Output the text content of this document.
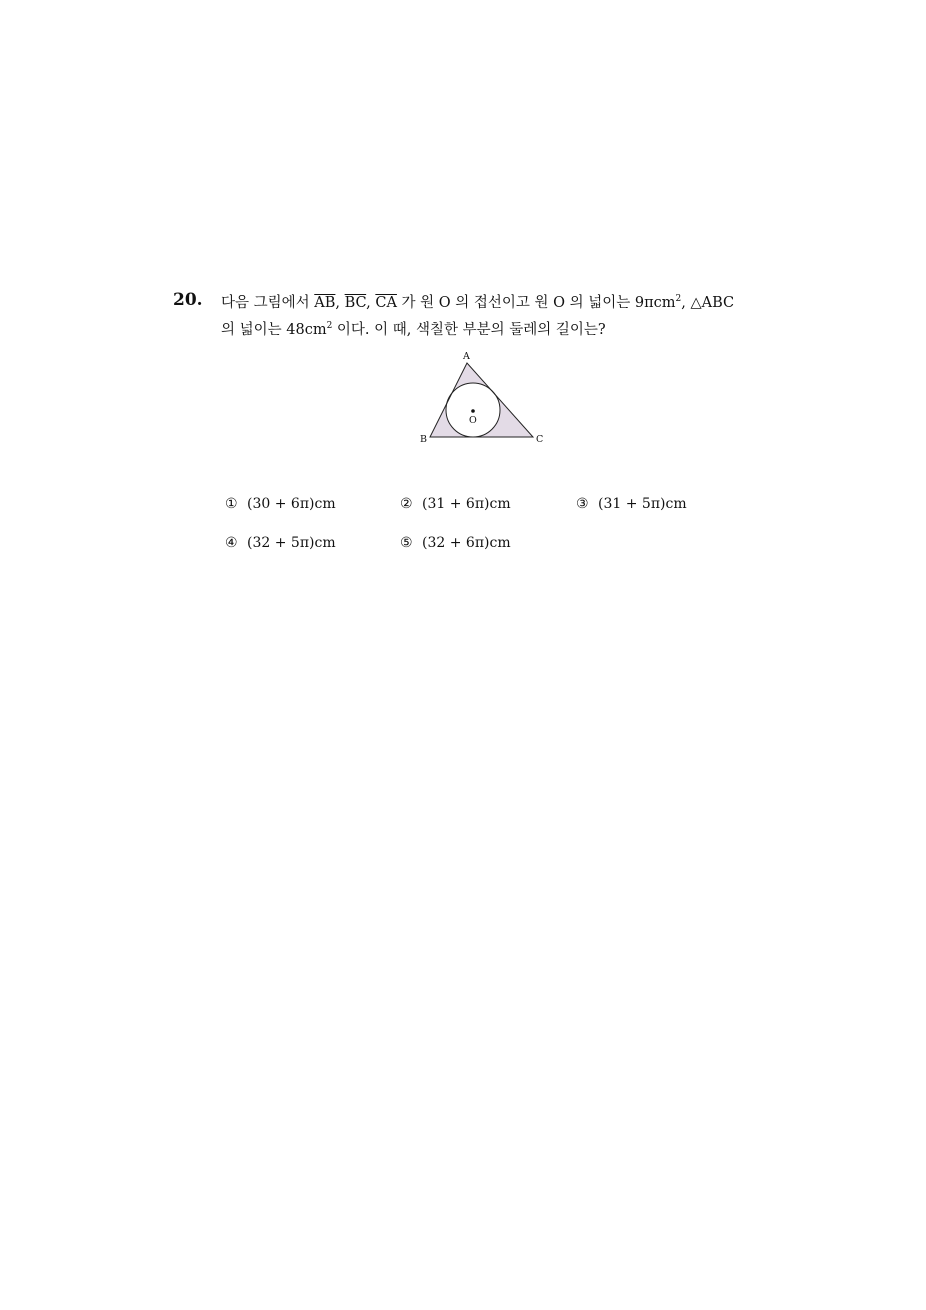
20. 다음 그림에서 $\overline{AB}$, $\overline{BC}$, $\overline{CA}$ 가 원 O 의 접선이고 원 O 의 넓이는 9πcm$^2$, △ABC
의 넓이는 $48cm^2$ 이다. 이 때, 색칠한 부분의 둘레의 길이는?
A
B	C
O
① (30 + 6π)cm	② (31 + 6π)cm	③ (31 + 5π)cm
④ (32 + 5π)cm	⑤ (32 + 6π)cm
